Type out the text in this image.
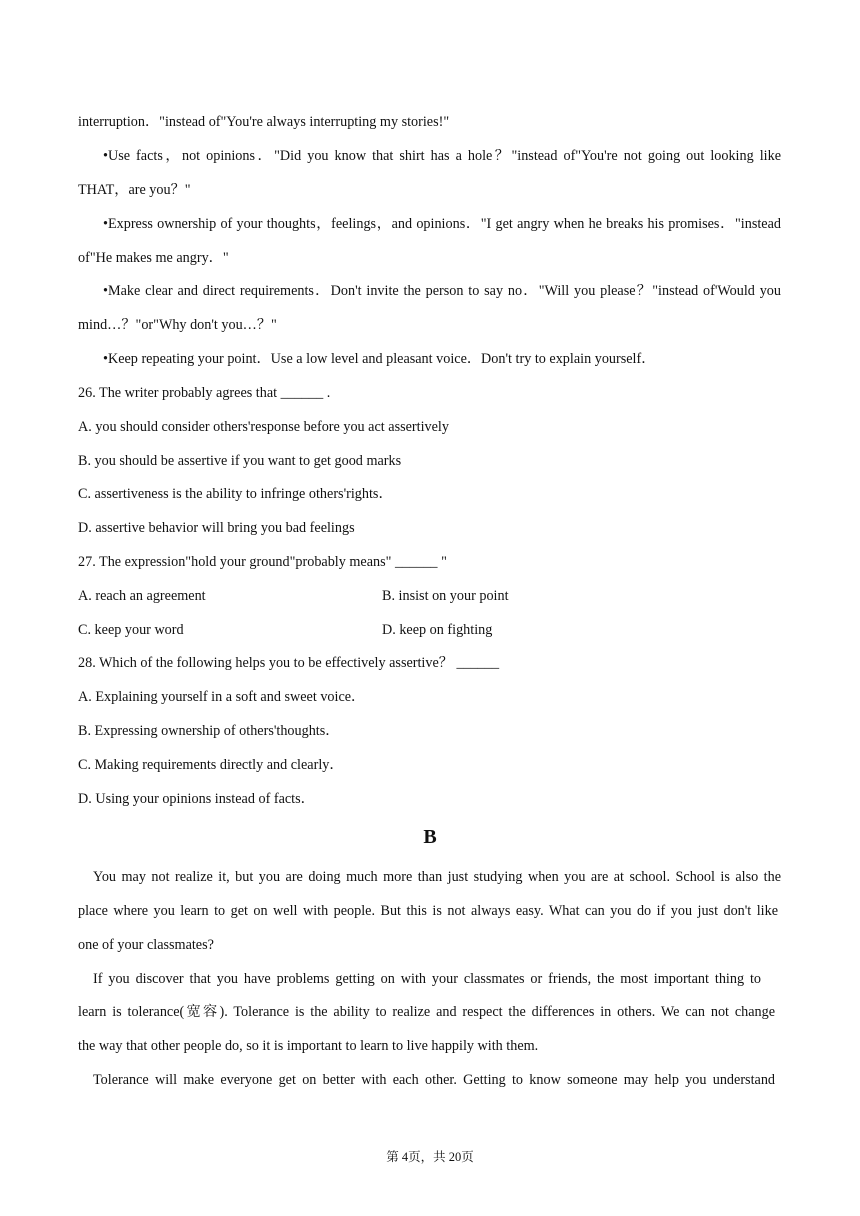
interruption．"instead of"You're always interrupting my stories!"
•Use facts，not opinions．"Did you know that shirt has a hole？"instead of"You're not going out looking like
THAT，are you？"
•Express ownership of your thoughts，feelings，and opinions．"I get angry when he breaks his promises．"instead
of"He makes me angry．"
•Make clear and direct requirements．Don't invite the person to say no．"Will you please？"instead of'Would you
mind…？"or"Why don't you…？"
•Keep repeating your point．Use a low level and pleasant voice．Don't try to explain yourself．
26. The writer probably agrees that ______ .
A. you should consider others'response before you act assertively
B. you should be assertive if you want to get good marks
C. assertiveness is the ability to infringe others'rights．
D. assertive behavior will bring you bad feelings
27. The expression"hold your ground"probably means" ______ "
A. reach an agreement	B. insist on your point
C. keep your word	D. keep on fighting
28. Which of the following helps you to be effectively assertive？ ______
A. Explaining yourself in a soft and sweet voice．
B. Expressing ownership of others'thoughts．
C. Making requirements directly and clearly．
D. Using your opinions instead of facts．
B
You may not realize it, but you are doing much more than just studying when you are at school. School is also the
place where you learn to get on well with people. But this is not always easy. What can you do if you just don't like
one of your classmates?
If you discover that you have problems getting on with your classmates or friends, the most important thing to
learn is tolerance(宽容). Tolerance is the ability to realize and respect the differences in others. We can not change
the way that other people do, so it is important to learn to live happily with them.
Tolerance will make everyone get on better with each other. Getting to know someone may help you understand
第 4页，共 20页
